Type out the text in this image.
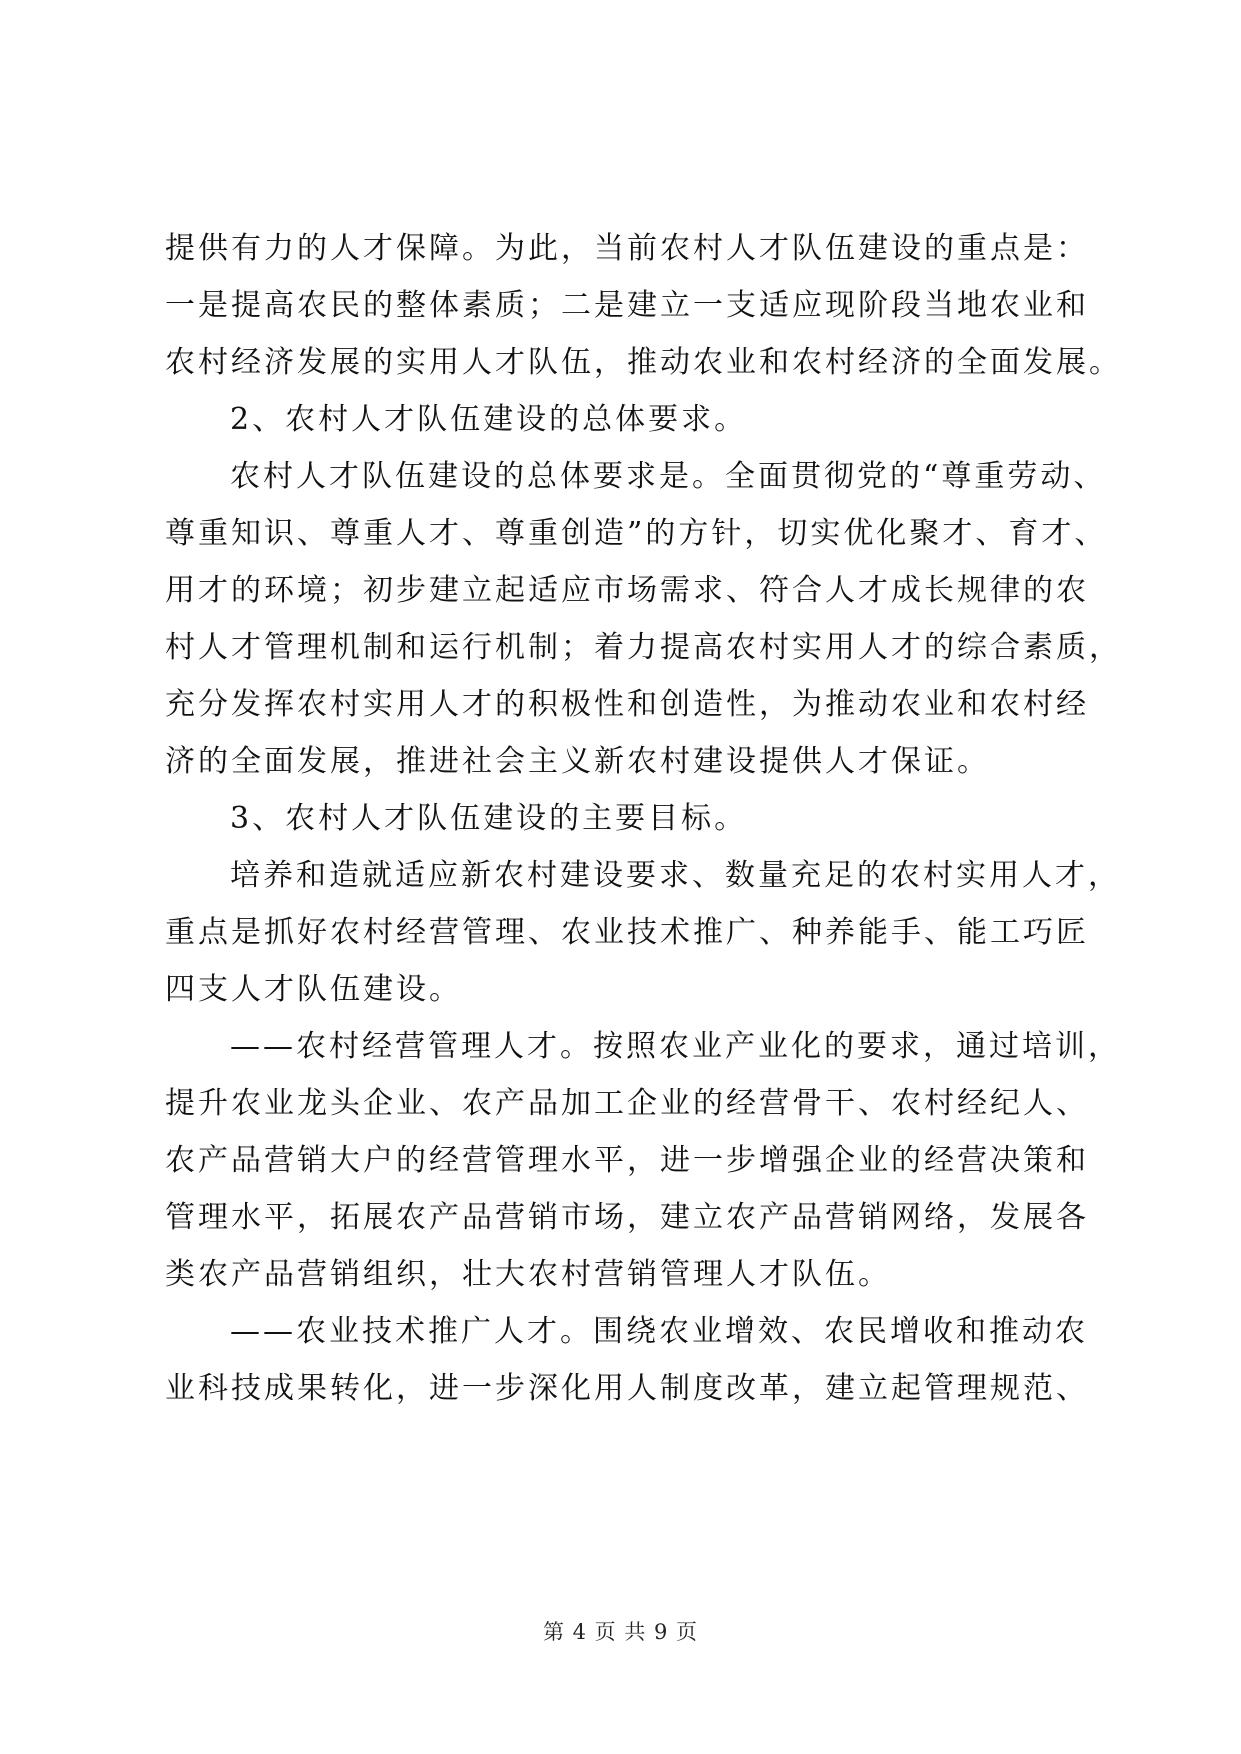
提供有力的人才保障。为此，当前农村人才队伍建设的重点是：
一是提高农民的整体素质；二是建立一支适应现阶段当地农业和
农村经济发展的实用人才队伍，推动农业和农村经济的全面发展。
2、农村人才队伍建设的总体要求。
农村人才队伍建设的总体要求是。全面贯彻党的“尊重劳动、
尊重知识、尊重人才、尊重创造”的方针，切实优化聚才、育才、
用才的环境；初步建立起适应市场需求、符合人才成长规律的农
村人才管理机制和运行机制；着力提高农村实用人才的综合素质，
充分发挥农村实用人才的积极性和创造性，为推动农业和农村经
济的全面发展，推进社会主义新农村建设提供人才保证。
3、农村人才队伍建设的主要目标。
培养和造就适应新农村建设要求、数量充足的农村实用人才，
重点是抓好农村经营管理、农业技术推广、种养能手、能工巧匠
四支人才队伍建设。
——农村经营管理人才。按照农业产业化的要求，通过培训，
提升农业龙头企业、农产品加工企业的经营骨干、农村经纪人、
农产品营销大户的经营管理水平，进一步增强企业的经营决策和
管理水平，拓展农产品营销市场，建立农产品营销网络，发展各
类农产品营销组织，壮大农村营销管理人才队伍。
——农业技术推广人才。围绕农业增效、农民增收和推动农
业科技成果转化，进一步深化用人制度改革，建立起管理规范、
第 4 页 共 9 页
